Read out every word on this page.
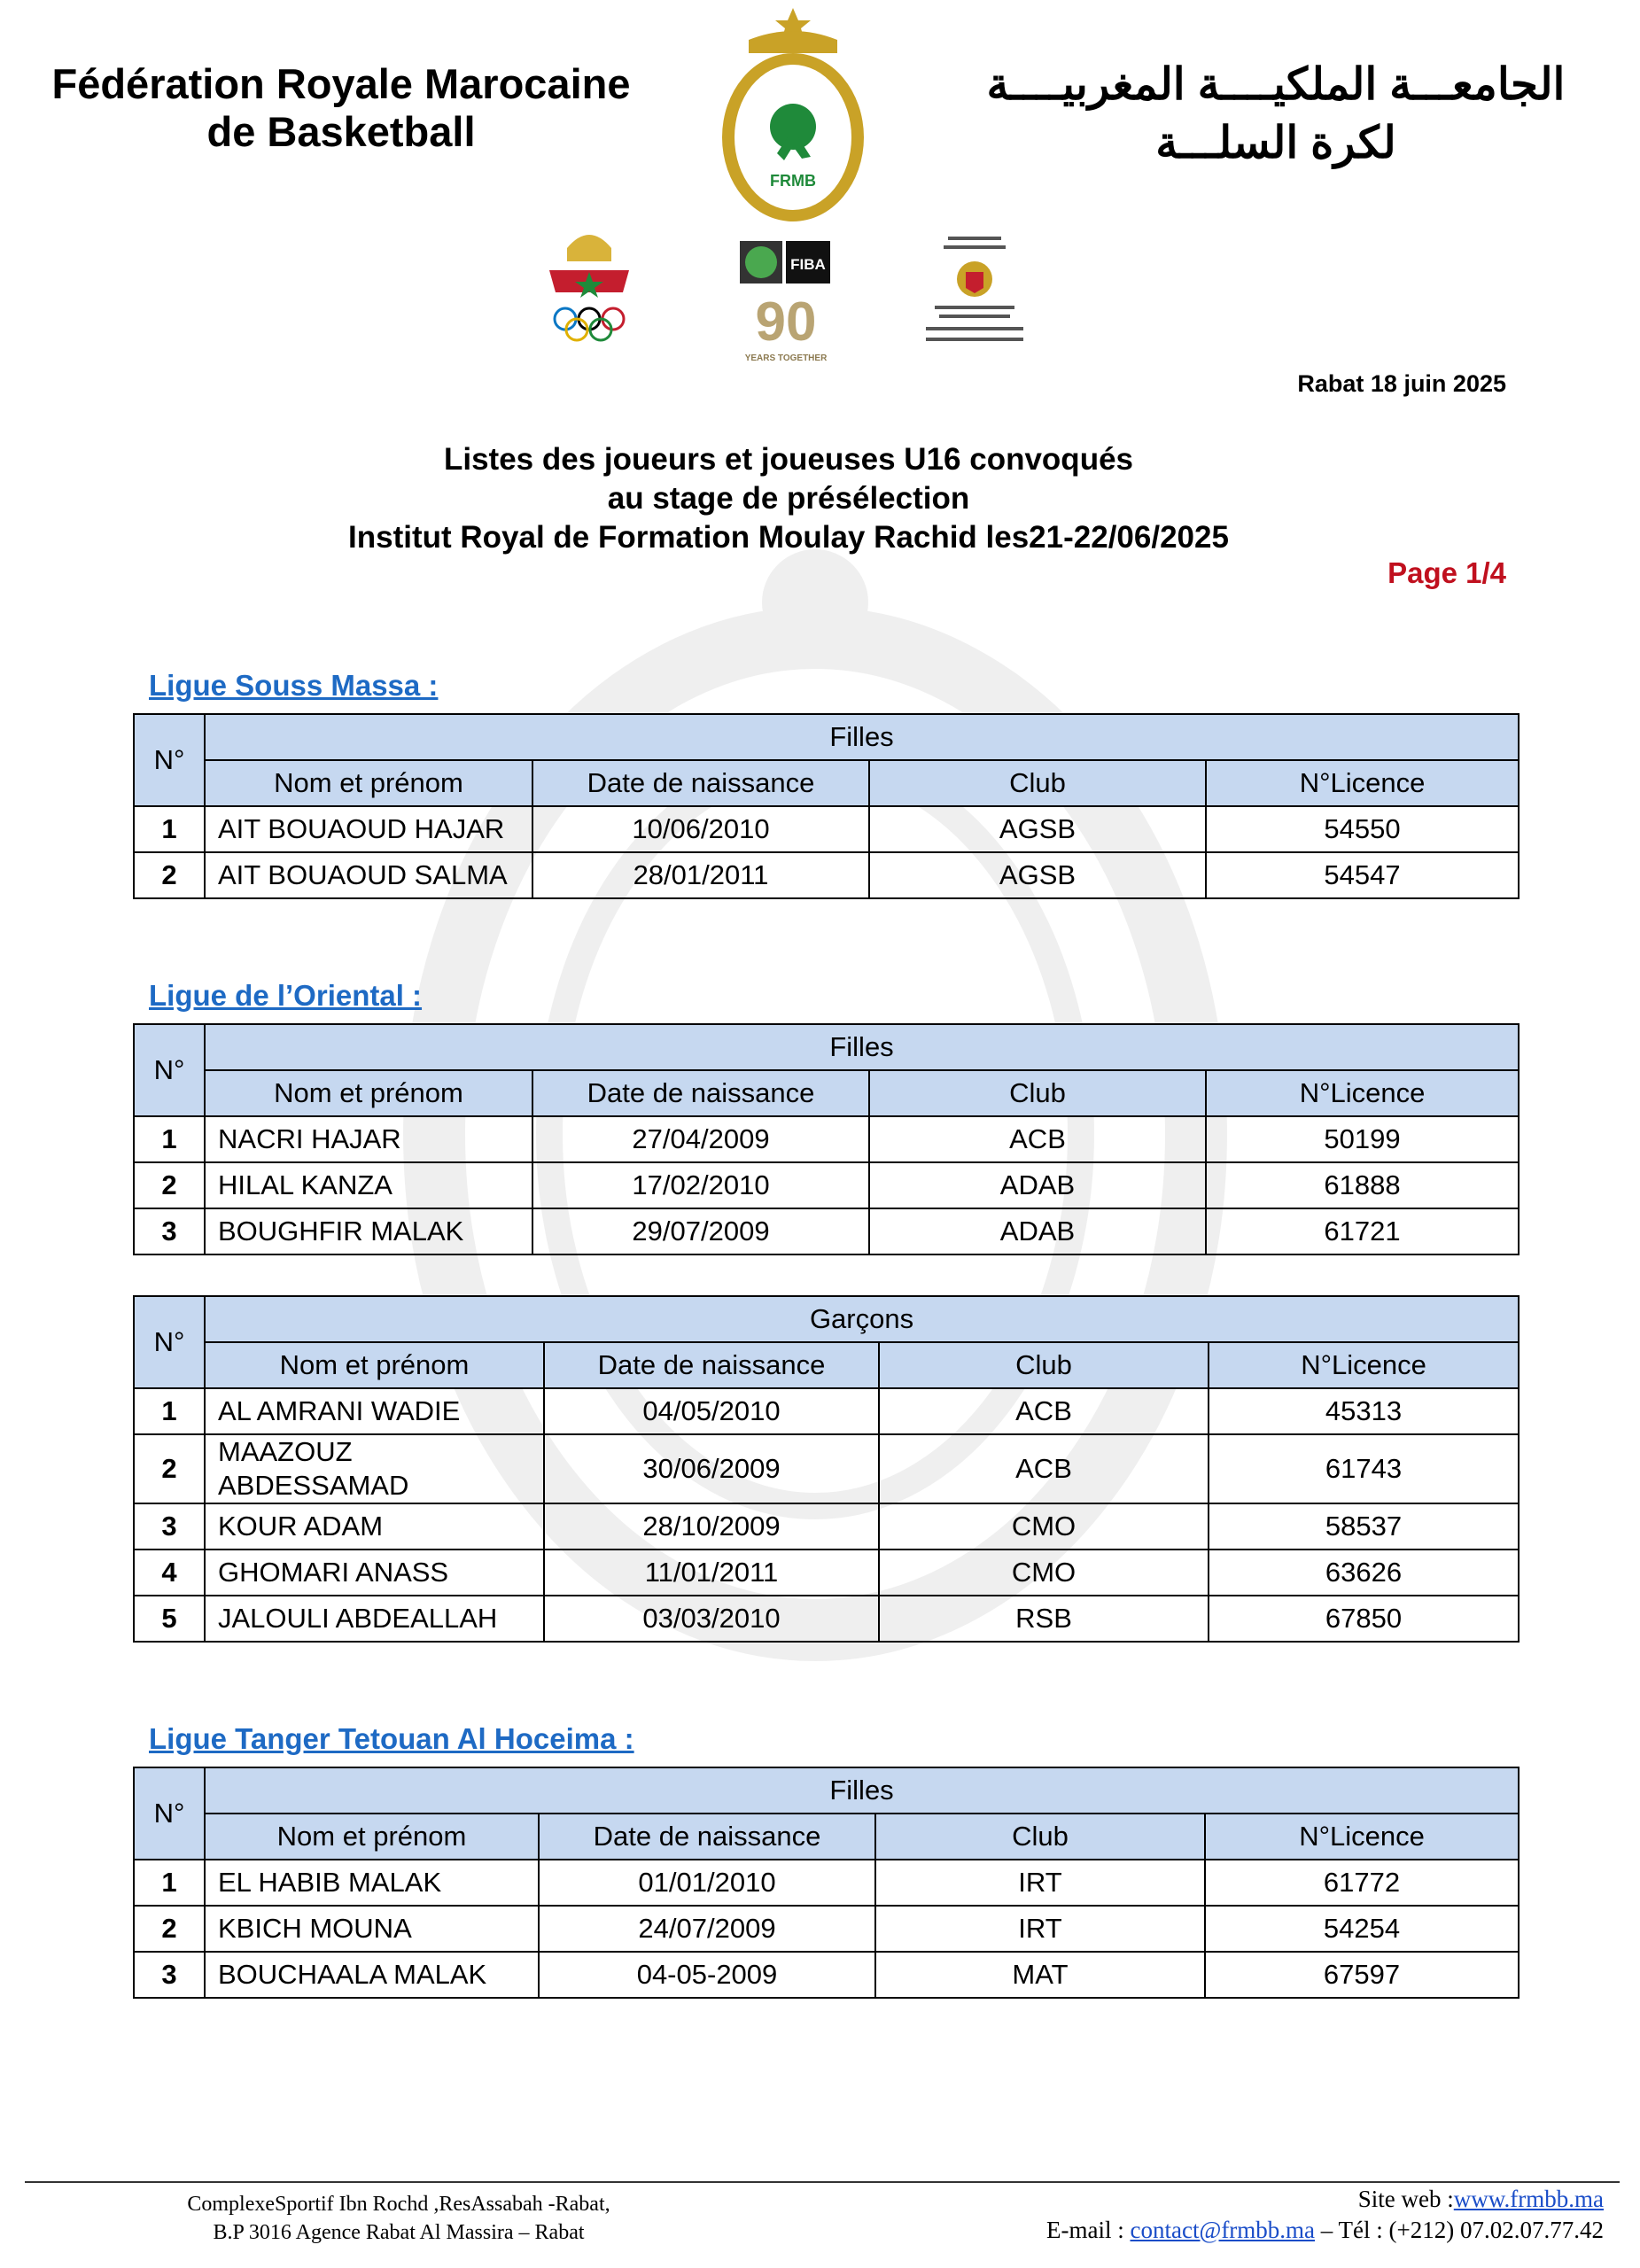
Fédération Royale Marocaine
de Basketball
FRMB
الجامعـــة الملكيــــة المغربيــــة
لكرة السلـــة
FIBA
90
YEARS TOGETHER
Rabat 18 juin 2025
Listes des joueurs et joueuses U16 convoqués
au stage de présélection
Institut Royal de Formation Moulay Rachid les21-22/06/2025
Page 1/4
Ligue Souss Massa :
N°	Filles			
	Nom et prénom	Date de naissance	Club	N°Licence
1	AIT BOUAOUD HAJAR	10/06/2010	AGSB	54550
2	AIT BOUAOUD SALMA	28/01/2011	AGSB	54547
Ligue de l’Oriental :
N°	Filles			
	Nom et prénom	Date de naissance	Club	N°Licence
1	NACRI HAJAR	27/04/2009	ACB	50199
2	HILAL KANZA	17/02/2010	ADAB	61888
3	BOUGHFIR MALAK	29/07/2009	ADAB	61721
N°	Garçons			
	Nom et prénom	Date de naissance	Club	N°Licence
1	AL AMRANI WADIE	04/05/2010	ACB	45313
2	MAAZOUZ ABDESSAMAD	30/06/2009	ACB	61743
3	KOUR ADAM	28/10/2009	CMO	58537
4	GHOMARI ANASS	11/01/2011	CMO	63626
5	JALOULI ABDEALLAH	03/03/2010	RSB	67850
Ligue Tanger Tetouan Al Hoceima :
N°	Filles			
	Nom et prénom	Date de naissance	Club	N°Licence
1	EL HABIB MALAK	01/01/2010	IRT	61772
2	KBICH MOUNA	24/07/2009	IRT	54254
3	BOUCHAALA MALAK	04-05-2009	MAT	67597
ComplexeSportif Ibn Rochd ,ResAssabah -Rabat,
B.P 3016 Agence Rabat Al Massira – Rabat
Site web :www.frmbb.ma
E-mail : contact@frmbb.ma – Tél : (+212) 07.02.07.77.42
